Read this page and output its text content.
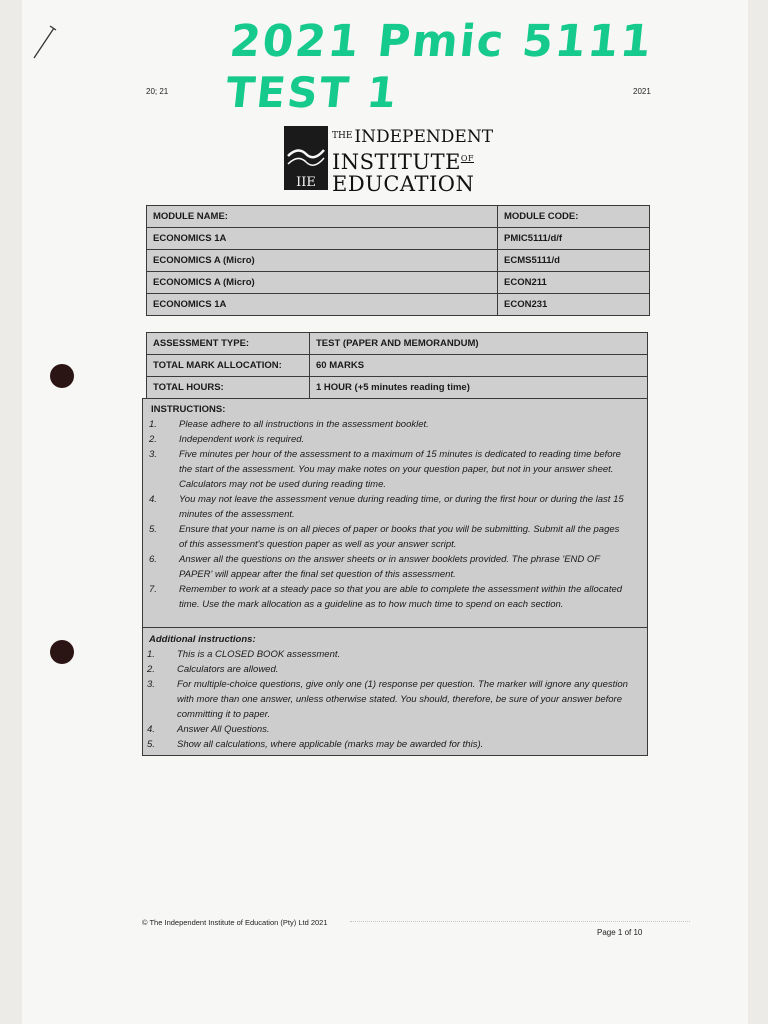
2021 Pmic 5111
TEST 1
20; 21	2021
IIE
$^{THE}$ INDEPENDENT
$INSTITUTE^{OF}$
EDUCATION
MODULE NAME:	MODULE CODE:
ECONOMICS 1A	PMIC5111/d/f
ECONOMICS A (Micro)	ECMS5111/d
ECONOMICS A (Micro)	ECON211
ECONOMICS 1A	ECON231
ASSESSMENT TYPE:	TEST (PAPER AND MEMORANDUM)
TOTAL MARK ALLOCATION:	60 MARKS
TOTAL HOURS:	1 HOUR (+5 minutes reading time)
INSTRUCTIONS:
1.	Please adhere to all instructions in the assessment booklet.
2.	Independent work is required.
3.	Five minutes per hour of the assessment to a maximum of 15 minutes is dedicated to reading time before the start of the assessment. You may make notes on your question paper, but not in your answer sheet. Calculators may not be used during reading time.
4.	You may not leave the assessment venue during reading time, or during the first hour or during the last 15 minutes of the assessment.
5.	Ensure that your name is on all pieces of paper or books that you will be submitting. Submit all the pages of this assessment's question paper as well as your answer script.
6.	Answer all the questions on the answer sheets or in answer booklets provided. The phrase 'END OF PAPER' will appear after the final set question of this assessment.
7.	Remember to work at a steady pace so that you are able to complete the assessment within the allocated time. Use the mark allocation as a guideline as to how much time to spend on each section.
Additional instructions:
1.	This is a CLOSED BOOK assessment.
2.	Calculators are allowed.
3.	For multiple-choice questions, give only one (1) response per question. The marker will ignore any question with more than one answer, unless otherwise stated. You should, therefore, be sure of your answer before committing it to paper.
4.	Answer All Questions.
5.	Show all calculations, where applicable (marks may be awarded for this).
© The Independent Institute of Education (Pty) Ltd 2021
Page 1 of 10
